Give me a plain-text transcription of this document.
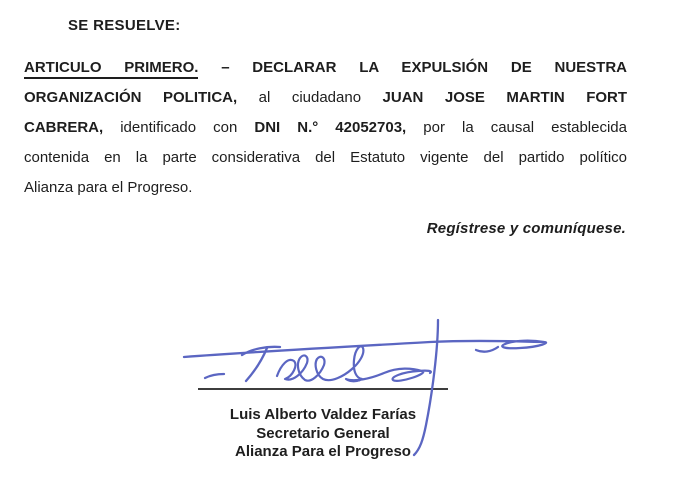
SE RESUELVE:
ARTICULO PRIMERO. – DECLARAR LA EXPULSIÓN DE NUESTRA
ORGANIZACIÓN POLITICA, al ciudadano JUAN JOSE MARTIN FORT
CABRERA, identificado con DNI N.° 42052703, por la causal establecida
contenida en la parte considerativa del Estatuto vigente del partido político
Alianza para el Progreso.
Regístrese y comuníquese.
Luis Alberto Valdez Farías
Secretario General
Alianza Para el Progreso
